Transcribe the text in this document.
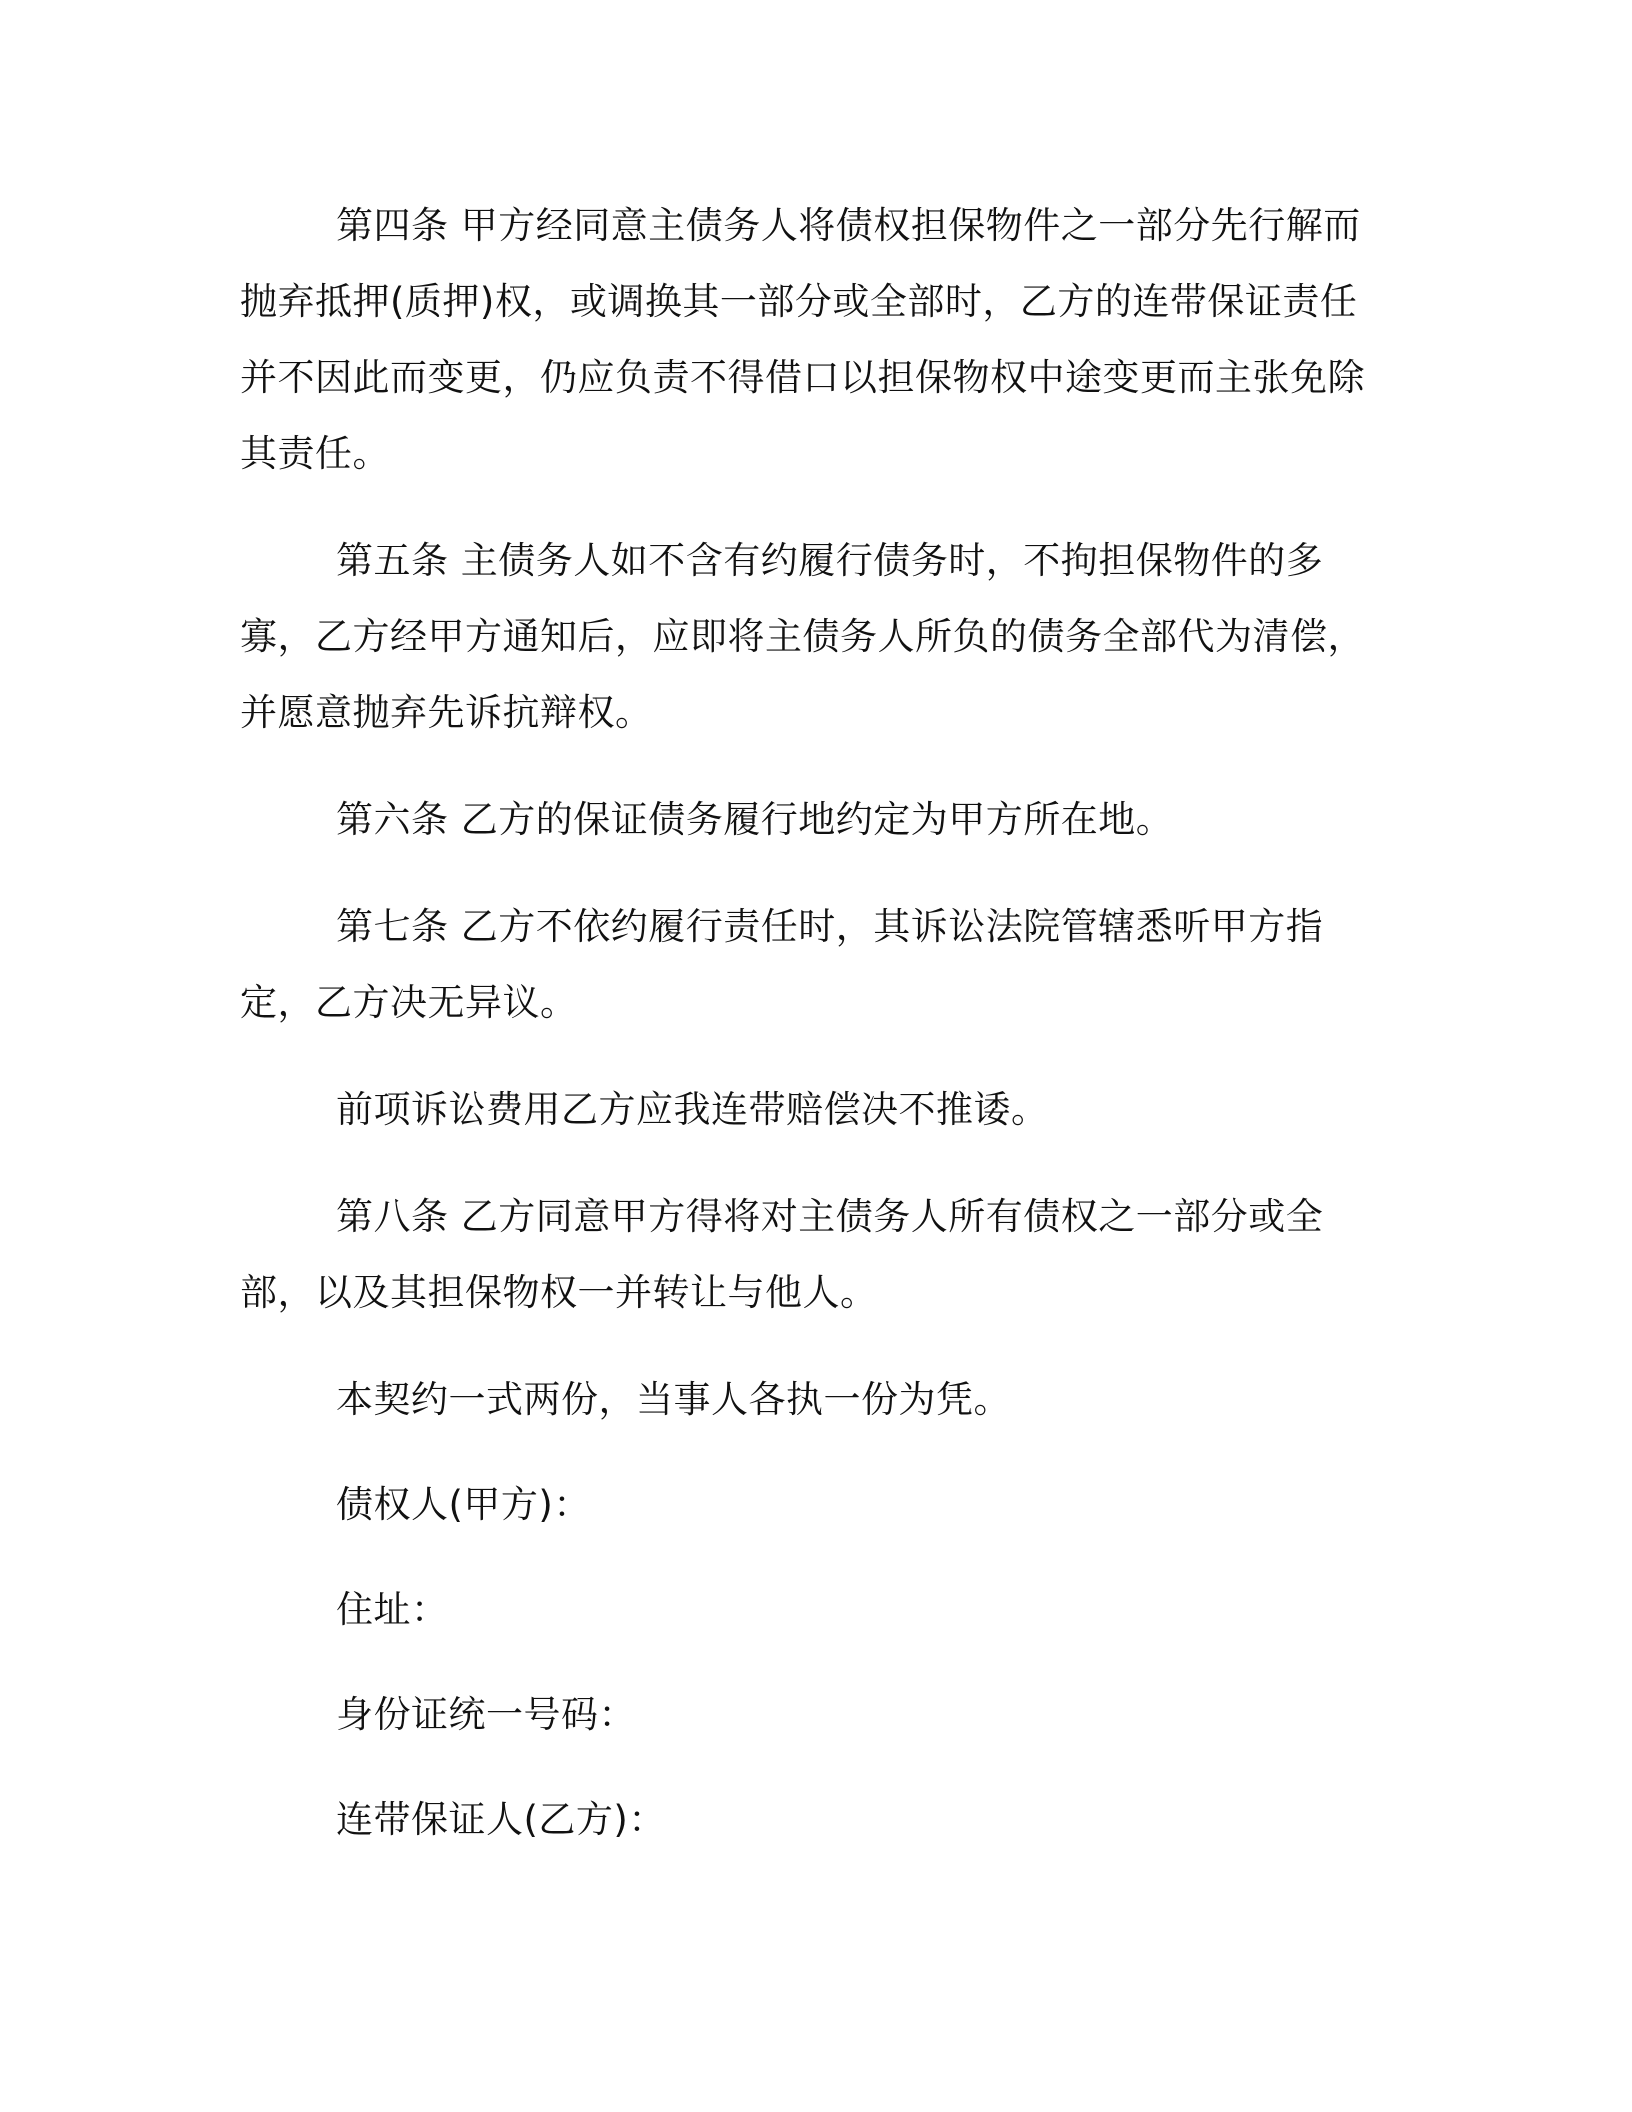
第四条 甲方经同意主债务人将债权担保物件之一部分先行解而抛弃抵押(质押)权，或调换其一部分或全部时，乙方的连带保证责任并不因此而变更，仍应负责不得借口以担保物权中途变更而主张免除其责任。

第五条 主债务人如不含有约履行债务时，不拘担保物件的多寡，乙方经甲方通知后，应即将主债务人所负的债务全部代为清偿，并愿意抛弃先诉抗辩权。

第六条 乙方的保证债务履行地约定为甲方所在地。

第七条 乙方不依约履行责任时，其诉讼法院管辖悉听甲方指定，乙方决无异议。

前项诉讼费用乙方应我连带赔偿决不推诿。

第八条 乙方同意甲方得将对主债务人所有债权之一部分或全部，以及其担保物权一并转让与他人。

本契约一式两份，当事人各执一份为凭。

债权人(甲方)：

住址：

身份证统一号码：

连带保证人(乙方)：
